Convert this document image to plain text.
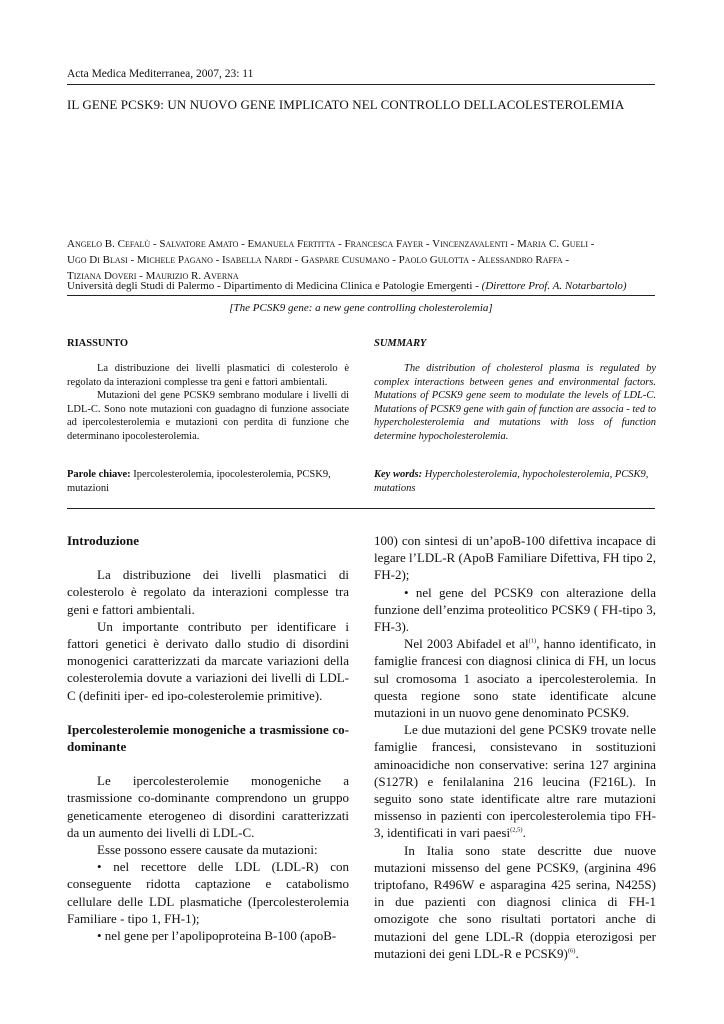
Acta Medica Mediterranea, 2007, 23: 11
IL GENE PCSK9: UN NUOVO GENE IMPLICATO NEL CONTROLLO DELLACOLESTEROLEMIA
Angelo B. Cefalù - Salvatore Amato - Emanuela Fertitta - Francesca Fayer - Vincenzavalenti - Maria C. Gueli -
Ugo Di Blasi - Michele Pagano - Isabella Nardi - Gaspare Cusumano - Paolo Gulotta - Alessandro Raffa -
Tiziana Doveri - Maurizio R. Averna
Università degli Studi di Palermo - Dipartimento di Medicina Clinica e Patologie Emergenti - (Direttore Prof. A. Notarbartolo)
[The PCSK9 gene: a new gene controlling cholesterolemia]
RIASSUNTO	SUMMARY

La distribuzione dei livelli plasmatici di colesterolo è regolato da interazioni complesse tra geni e fattori ambientali.

Mutazioni del gene PCSK9 sembrano modulare i livelli di LDL-C. Sono note mutazioni con guadagno di funzione associate ad ipercolesterolemia e mutazioni con perdita di funzione che determinano ipocolesterolemia.

The distribution of cholesterol plasma is regulated by complex interactions between genes and environmental factors. Mutations of PCSK9 gene seem to modulate the levels of LDL-C. Mutations of PCSK9 gene with gain of function are associa - ted to hypercholesterolemia and mutations with loss of function determine hypocholesterolemia.

Parole chiave: Ipercolesterolemia, ipocolesterolemia, PCSK9, mutazioni
Key words: Hypercholesterolemia, hypocholesterolemia, PCSK9, mutations

Introduzione

La distribuzione dei livelli plasmatici di colesterolo è regolato da interazioni complesse tra geni e fattori ambientali.

Un importante contributo per identificare i fattori genetici è derivato dallo studio di disordini monogenici caratterizzati da marcate variazioni della colesterolemia dovute a variazioni dei livelli di LDL-C (definiti iper- ed ipo-colesterolemie primitive).

Ipercolesterolemie monogeniche a trasmissione co-dominante

Le ipercolesterolemie monogeniche a trasmissione co-dominante comprendono un gruppo geneticamente eterogeneo di disordini caratterizzati da un aumento dei livelli di LDL-C.

Esse possono essere causate da mutazioni:

• nel recettore delle LDL (LDL-R) con conseguente ridotta captazione e catabolismo cellulare delle LDL plasmatiche (Ipercolesterolemia Familiare - tipo 1, FH-1);

• nel gene per l’apolipoproteina B-100 (apoB-

100) con sintesi di un’apoB-100 difettiva incapace di legare l’LDL-R (ApoB Familiare Difettiva, FH tipo 2, FH-2);

• nel gene del PCSK9 con alterazione della funzione dell’enzima proteolitico PCSK9 ( FH-tipo 3, FH-3).

Nel 2003 Abifadel et $al^{(1)}$, hanno identificato, in famiglie francesi con diagnosi clinica di FH, un locus sul cromosoma 1 asociato a ipercolesterolemia. In questa regione sono state identificate alcune mutazioni in un nuovo gene denominato PCSK9.

Le due mutazioni del gene PCSK9 trovate nelle famiglie francesi, consistevano in sostituzioni aminoacidiche non conservative: serina 127 arginina (S127R) e fenilalanina 216 leucina (F216L). In seguito sono state identificate altre rare mutazioni missenso in pazienti con ipercolesterolemia tipo FH-3, identificati in vari paesi$^{(2,5)}$.

In Italia sono state descritte due nuove mutazioni missenso del gene PCSK9, (arginina 496 triptofano, R496W e asparagina 425 serina, N425S) in due pazienti con diagnosi clinica di FH-1 omozigote che sono risultati portatori anche di mutazioni del gene LDL-R (doppia eterozigosi per mutazioni dei geni LDL-R e PCSK9)$^{(6)}$.
